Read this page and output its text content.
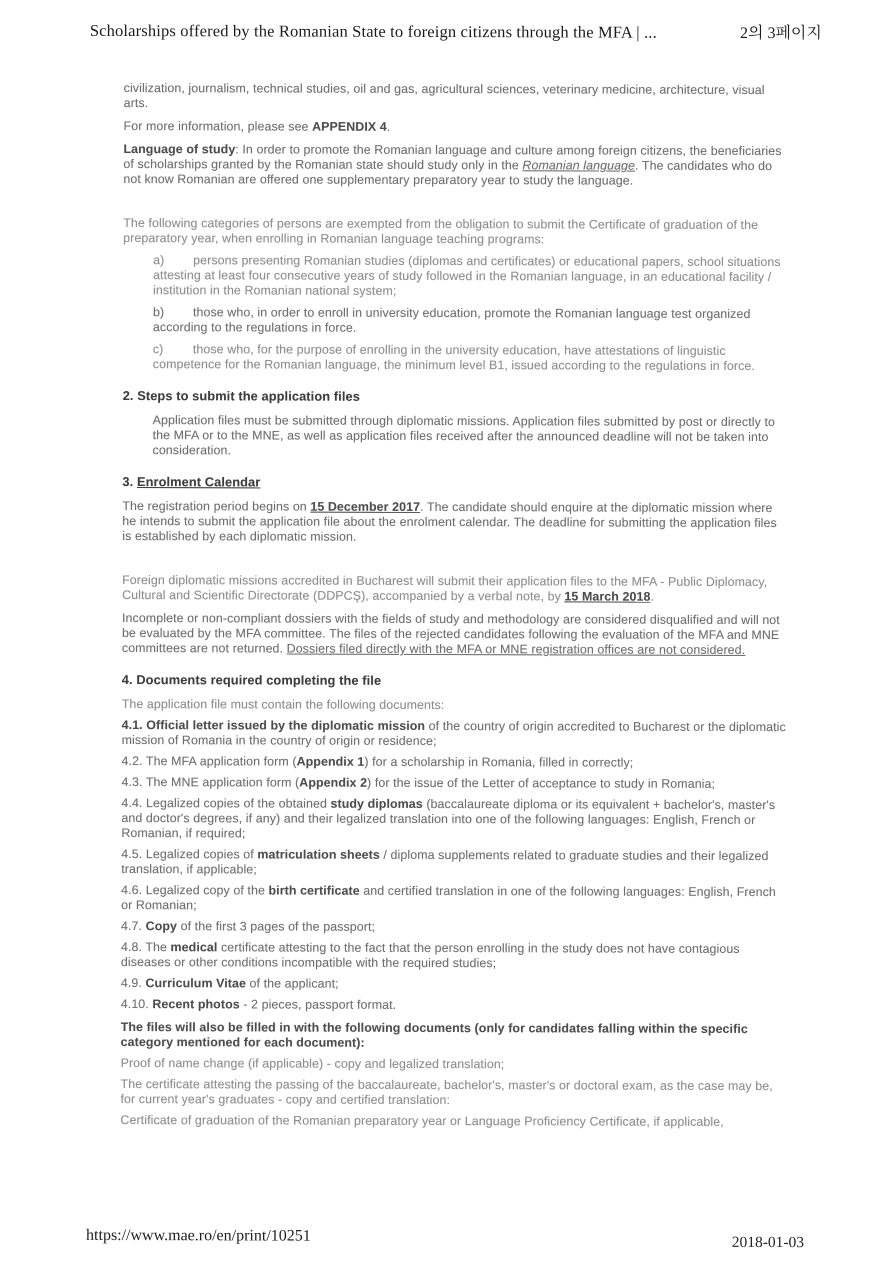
Scholarships offered by the Romanian State to foreign citizens through the MFA | ...	2의 3페이지
civilization, journalism, technical studies, oil and gas, agricultural sciences, veterinary medicine, architecture, visual arts.
For more information, please see APPENDIX 4.
Language of study: In order to promote the Romanian language and culture among foreign citizens, the beneficiaries of scholarships granted by the Romanian state should study only in the Romanian language. The candidates who do not know Romanian are offered one supplementary preparatory year to study the language.
The following categories of persons are exempted from the obligation to submit the Certificate of graduation of the preparatory year, when enrolling in Romanian language teaching programs:
a) persons presenting Romanian studies (diplomas and certificates) or educational papers, school situations attesting at least four consecutive years of study followed in the Romanian language, in an educational facility / institution in the Romanian national system;
b) those who, in order to enroll in university education, promote the Romanian language test organized according to the regulations in force.
c) those who, for the purpose of enrolling in the university education, have attestations of linguistic competence for the Romanian language, the minimum level B1, issued according to the regulations in force.
2. Steps to submit the application files
Application files must be submitted through diplomatic missions. Application files submitted by post or directly to the MFA or to the MNE, as well as application files received after the announced deadline will not be taken into consideration.
3. Enrolment Calendar
The registration period begins on 15 December 2017. The candidate should enquire at the diplomatic mission where he intends to submit the application file about the enrolment calendar. The deadline for submitting the application files is established by each diplomatic mission.
Foreign diplomatic missions accredited in Bucharest will submit their application files to the MFA - Public Diplomacy, Cultural and Scientific Directorate (DDPCŞ), accompanied by a verbal note, by 15 March 2018.
Incomplete or non-compliant dossiers with the fields of study and methodology are considered disqualified and will not be evaluated by the MFA committee. The files of the rejected candidates following the evaluation of the MFA and MNE committees are not returned. Dossiers filed directly with the MFA or MNE registration offices are not considered.
4. Documents required completing the file
The application file must contain the following documents:
4.1. Official letter issued by the diplomatic mission of the country of origin accredited to Bucharest or the diplomatic mission of Romania in the country of origin or residence;
4.2. The MFA application form (Appendix 1) for a scholarship in Romania, filled in correctly;
4.3. The MNE application form (Appendix 2) for the issue of the Letter of acceptance to study in Romania;
4.4. Legalized copies of the obtained study diplomas (baccalaureate diploma or its equivalent + bachelor's, master's and doctor's degrees, if any) and their legalized translation into one of the following languages: English, French or Romanian, if required;
4.5. Legalized copies of matriculation sheets / diploma supplements related to graduate studies and their legalized translation, if applicable;
4.6. Legalized copy of the birth certificate and certified translation in one of the following languages: English, French or Romanian;
4.7. Copy of the first 3 pages of the passport;
4.8. The medical certificate attesting to the fact that the person enrolling in the study does not have contagious diseases or other conditions incompatible with the required studies;
4.9. Curriculum Vitae of the applicant;
4.10. Recent photos - 2 pieces, passport format.
The files will also be filled in with the following documents (only for candidates falling within the specific category mentioned for each document):
Proof of name change (if applicable) - copy and legalized translation;
The certificate attesting the passing of the baccalaureate, bachelor's, master's or doctoral exam, as the case may be, for current year's graduates - copy and certified translation:
Certificate of graduation of the Romanian preparatory year or Language Proficiency Certificate, if applicable,
https://www.mae.ro/en/print/10251	2018-01-03
